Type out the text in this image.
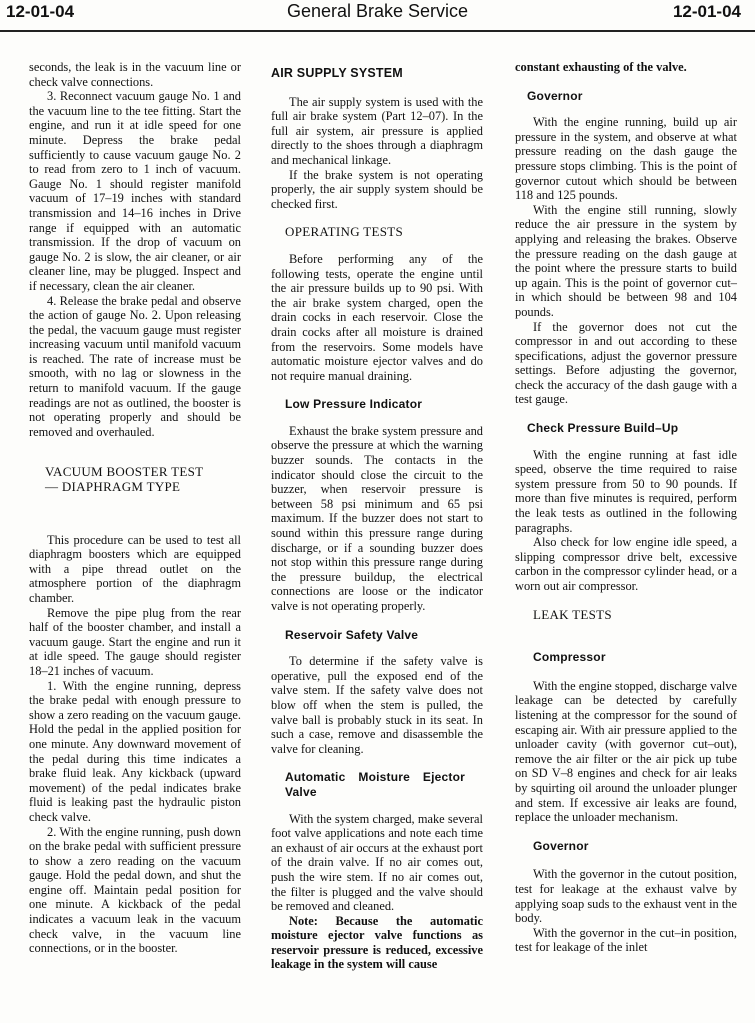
12-01-04	General Brake Service	12-01-04

seconds, the leak is in the vacuum line or check valve connections.

3. Reconnect vacuum gauge No. 1 and the vacuum line to the tee fitting. Start the engine, and run it at idle speed for one minute. Depress the brake pedal sufficiently to cause vacuum gauge No. 2 to read from zero to 1 inch of vacuum. Gauge No. 1 should register manifold vacuum of 17–19 inches with standard transmission and 14–16 inches in Drive range if equipped with an automatic transmission. If the drop of vacuum on gauge No. 2 is slow, the air cleaner, or air cleaner line, may be plugged. Inspect and if necessary, clean the air cleaner.

4. Release the brake pedal and observe the action of gauge No. 2. Upon releasing the pedal, the vacuum gauge must register increasing vacuum until manifold vacuum is reached. The rate of increase must be smooth, with no lag or slowness in the return to manifold vacuum. If the gauge readings are not as outlined, the booster is not operating properly and should be removed and overhauled.

VACUUM BOOSTER TEST— DIAPHRAGM TYPE

This procedure can be used to test all diaphragm boosters which are equipped with a pipe thread outlet on the atmosphere portion of the diaphragm chamber.

Remove the pipe plug from the rear half of the booster chamber, and install a vacuum gauge. Start the engine and run it at idle speed. The gauge should register 18–21 inches of vacuum.

1. With the engine running, depress the brake pedal with enough pressure to show a zero reading on the vacuum gauge. Hold the pedal in the applied position for one minute. Any downward movement of the pedal during this time indicates a brake fluid leak. Any kickback (upward movement) of the pedal indicates brake fluid is leaking past the hydraulic piston check valve.

2. With the engine running, push down on the brake pedal with sufficient pressure to show a zero reading on the vacuum gauge. Hold the pedal down, and shut the engine off. Maintain pedal position for one minute. A kickback of the pedal indicates a vacuum leak in the vacuum check valve, in the vacuum line connections, or in the booster.

AIR SUPPLY SYSTEM

The air supply system is used with the full air brake system (Part 12–07). In the full air system, air pressure is applied directly to the shoes through a diaphragm and mechanical linkage.

If the brake system is not operating properly, the air supply system should be checked first.

OPERATING TESTS

Before performing any of the following tests, operate the engine until the air pressure builds up to 90 psi. With the air brake system charged, open the drain cocks in each reservoir. Close the drain cocks after all moisture is drained from the reservoirs. Some models have automatic moisture ejector valves and do not require manual draining.

Low Pressure Indicator

Exhaust the brake system pressure and observe the pressure at which the warning buzzer sounds. The contacts in the indicator should close the circuit to the buzzer, when reservoir pressure is between 58 psi minimum and 65 psi maximum. If the buzzer does not start to sound within this pressure range during discharge, or if a sounding buzzer does not stop within this pressure range during the pressure buildup, the electrical connections are loose or the indicator valve is not operating properly.

Reservoir Safety Valve

To determine if the safety valve is operative, pull the exposed end of the valve stem. If the safety valve does not blow off when the stem is pulled, the valve ball is probably stuck in its seat. In such a case, remove and disassemble the valve for cleaning.

Automatic Moisture Ejector Valve

With the system charged, make several foot valve applications and note each time an exhaust of air occurs at the exhaust port of the drain valve. If no air comes out, push the wire stem. If no air comes out, the filter is plugged and the valve should be removed and cleaned.

Note: Because the automatic moisture ejector valve functions as reservoir pressure is reduced, excessive leakage in the system will cause

constant exhausting of the valve.

Governor

With the engine running, build up air pressure in the system, and observe at what pressure reading on the dash gauge the pressure stops climbing. This is the point of governor cutout which should be between 118 and 125 pounds.

With the engine still running, slowly reduce the air pressure in the system by applying and releasing the brakes. Observe the pressure reading on the dash gauge at the point where the pressure starts to build up again. This is the point of governor cut–in which should be between 98 and 104 pounds.

If the governor does not cut the compressor in and out according to these specifications, adjust the governor pressure settings. Before adjusting the governor, check the accuracy of the dash gauge with a test gauge.

Check Pressure Build–Up

With the engine running at fast idle speed, observe the time required to raise system pressure from 50 to 90 pounds. If more than five minutes is required, perform the leak tests as outlined in the following paragraphs.

Also check for low engine idle speed, a slipping compressor drive belt, excessive carbon in the compressor cylinder head, or a worn out air compressor.

LEAK TESTS

Compressor

With the engine stopped, discharge valve leakage can be detected by carefully listening at the compressor for the sound of escaping air. With air pressure applied to the unloader cavity (with governor cut–out), remove the air filter or the air pick up tube on SD V–8 engines and check for air leaks by squirting oil around the unloader plunger and stem. If excessive air leaks are found, replace the unloader mechanism.

Governor

With the governor in the cutout position, test for leakage at the exhaust valve by applying soap suds to the exhaust vent in the body.

With the governor in the cut–in position, test for leakage of the inlet
